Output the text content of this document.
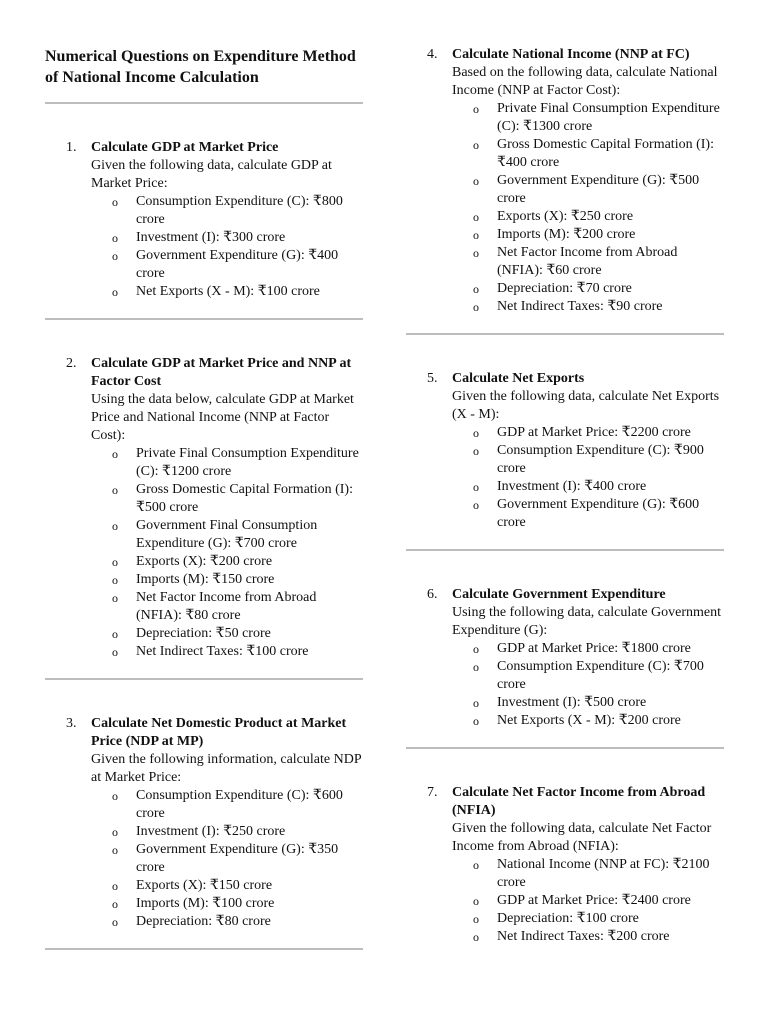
Numerical Questions on Expenditure Method of National Income Calculation
1. Calculate GDP at Market Price
Given the following data, calculate GDP at Market Price:
o Consumption Expenditure (C): ₹800 crore
o Investment (I): ₹300 crore
o Government Expenditure (G): ₹400 crore
o Net Exports (X - M): ₹100 crore
2. Calculate GDP at Market Price and NNP at Factor Cost
Using the data below, calculate GDP at Market Price and National Income (NNP at Factor Cost):
o Private Final Consumption Expenditure (C): ₹1200 crore
o Gross Domestic Capital Formation (I): ₹500 crore
o Government Final Consumption Expenditure (G): ₹700 crore
o Exports (X): ₹200 crore
o Imports (M): ₹150 crore
o Net Factor Income from Abroad (NFIA): ₹80 crore
o Depreciation: ₹50 crore
o Net Indirect Taxes: ₹100 crore
3. Calculate Net Domestic Product at Market Price (NDP at MP)
Given the following information, calculate NDP at Market Price:
o Consumption Expenditure (C): ₹600 crore
o Investment (I): ₹250 crore
o Government Expenditure (G): ₹350 crore
o Exports (X): ₹150 crore
o Imports (M): ₹100 crore
o Depreciation: ₹80 crore
4. Calculate National Income (NNP at FC)
Based on the following data, calculate National Income (NNP at Factor Cost):
o Private Final Consumption Expenditure (C): ₹1300 crore
o Gross Domestic Capital Formation (I): ₹400 crore
o Government Expenditure (G): ₹500 crore
o Exports (X): ₹250 crore
o Imports (M): ₹200 crore
o Net Factor Income from Abroad (NFIA): ₹60 crore
o Depreciation: ₹70 crore
o Net Indirect Taxes: ₹90 crore
5. Calculate Net Exports
Given the following data, calculate Net Exports (X - M):
o GDP at Market Price: ₹2200 crore
o Consumption Expenditure (C): ₹900 crore
o Investment (I): ₹400 crore
o Government Expenditure (G): ₹600 crore
6. Calculate Government Expenditure
Using the following data, calculate Government Expenditure (G):
o GDP at Market Price: ₹1800 crore
o Consumption Expenditure (C): ₹700 crore
o Investment (I): ₹500 crore
o Net Exports (X - M): ₹200 crore
7. Calculate Net Factor Income from Abroad (NFIA)
Given the following data, calculate Net Factor Income from Abroad (NFIA):
o National Income (NNP at FC): ₹2100 crore
o GDP at Market Price: ₹2400 crore
o Depreciation: ₹100 crore
o Net Indirect Taxes: ₹200 crore
